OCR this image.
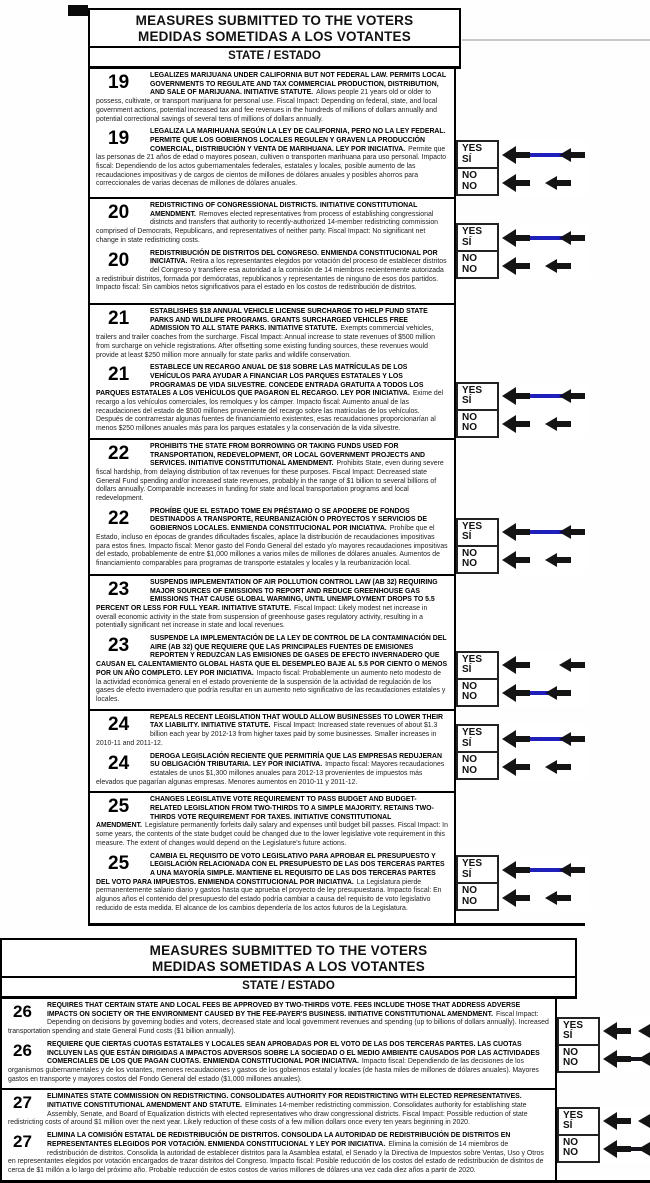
MEASURES SUBMITTED TO THE VOTERS
MEDIDAS SOMETIDAS A LOS VOTANTES
STATE / ESTADO

19	LEGALIZES MARIJUANA UNDER CALIFORNIA BUT NOT FEDERAL LAW. PERMITS LOCAL GOVERNMENTS TO REGULATE AND TAX COMMERCIAL PRODUCTION, DISTRIBUTION, AND SALE OF MARIJUANA. INITIATIVE STATUTE. Allows people 21 years old or older to possess, cultivate, or transport marijuana for personal use. Fiscal Impact: Depending on federal, state, and local government actions, potential increased tax and fee revenues in the hundreds of millions of dollars annually and potential correctional savings of several tens of millions of dollars annually.

19	LEGALIZA LA MARIHUANA SEGÚN LA LEY DE CALIFORNIA, PERO NO LA LEY FEDERAL. PERMITE QUE LOS GOBIERNOS LOCALES REGULEN Y GRAVEN LA PRODUCCIÓN COMERCIAL, DISTRIBUCIÓN Y VENTA DE MARIHUANA. LEY POR INICIATIVA. Permite que las personas de 21 años de edad o mayores posean, cultiven o transporten marihuana para uso personal. Impacto fiscal: Dependiendo de los actos gubernamentales federales, estatales y locales, posible aumento de las recaudaciones impositivas y de cargos de cientos de millones de dólares anuales y posibles ahorros para correccionales de varias decenas de millones de dólares anuales.

YES
SÍ
NO
NO

20	REDISTRICTING OF CONGRESSIONAL DISTRICTS. INITIATIVE CONSTITUTIONAL AMENDMENT. Removes elected representatives from process of establishing congressional districts and transfers that authority to recently-authorized 14-member redistricting commission comprised of Democrats, Republicans, and representatives of neither party. Fiscal Impact: No significant net change in state redistricting costs.

20	REDISTRIBUCIÓN DE DISTRITOS DEL CONGRESO. ENMIENDA CONSTITUCIONAL POR INICIATIVA. Retira a los representantes elegidos por votación del proceso de establecer distritos del Congreso y transfiere esa autoridad a la comisión de 14 miembros recientemente autorizada a redistribuir distritos, formada por demócratas, republicanos y representantes de ninguno de esos dos partidos. Impacto fiscal: Sin cambios netos significativos para el estado en los costos de redistribución de distritos.

YES
SÍ
NO
NO

21	ESTABLISHES $18 ANNUAL VEHICLE LICENSE SURCHARGE TO HELP FUND STATE PARKS AND WILDLIFE PROGRAMS. GRANTS SURCHARGED VEHICLES FREE ADMISSION TO ALL STATE PARKS. INITIATIVE STATUTE. Exempts commercial vehicles, trailers and trailer coaches from the surcharge. Fiscal Impact: Annual increase to state revenues of $500 million from surcharge on vehicle registrations. After offsetting some existing funding sources, these revenues would provide at least $250 million more annually for state parks and wildlife conservation.

21	ESTABLECE UN RECARGO ANUAL DE $18 SOBRE LAS MATRÍCULAS DE LOS VEHÍCULOS PARA AYUDAR A FINANCIAR LOS PARQUES ESTATALES Y LOS PROGRAMAS DE VIDA SILVESTRE. CONCEDE ENTRADA GRATUITA A TODOS LOS PARQUES ESTATALES A LOS VEHÍCULOS QUE PAGARON EL RECARGO. LEY POR INICIATIVA. Exime del recargo a los vehículos comerciales, los remolques y los cámper. Impacto fiscal: Aumento anual de las recaudaciones del estado de $500 millones proveniente del recargo sobre las matrículas de los vehículos. Después de contrarrestar algunas fuentes de financiamiento existentes, esas recaudaciones proporcionarían al menos $250 millones anuales más para los parques estatales y la conservación de la vida silvestre.

YES
SÍ
NO
NO

22	PROHIBITS THE STATE FROM BORROWING OR TAKING FUNDS USED FOR TRANSPORTATION, REDEVELOPMENT, OR LOCAL GOVERNMENT PROJECTS AND SERVICES. INITIATIVE CONSTITUTIONAL AMENDMENT. Prohibits State, even during severe fiscal hardship, from delaying distribution of tax revenues for these purposes. Fiscal Impact: Decreased state General Fund spending and/or increased state revenues, probably in the range of $1 billion to several billions of dollars annually. Comparable increases in funding for state and local transportation programs and local redevelopment.

22	PROHÍBE QUE EL ESTADO TOME EN PRÉSTAMO O SE APODERE DE FONDOS DESTINADOS A TRANSPORTE, REURBANIZACIÓN O PROYECTOS Y SERVICIOS DE GOBIERNOS LOCALES. ENMIENDA CONSTITUCIONAL POR INICIATIVA. Prohíbe que el Estado, incluso en épocas de grandes dificultades fiscales, aplace la distribución de recaudaciones impositivas para estos fines. Impacto fiscal: Menor gasto del Fondo General del estado y/o mayores recaudaciones impositivas del estado, probablemente de entre $1,000 millones a varios miles de millones de dólares anuales. Aumentos de financiamiento comparables para programas de transporte estatales y locales y la reurbanización local.

YES
SÍ
NO
NO

23	SUSPENDS IMPLEMENTATION OF AIR POLLUTION CONTROL LAW (AB 32) REQUIRING MAJOR SOURCES OF EMISSIONS TO REPORT AND REDUCE GREENHOUSE GAS EMISSIONS THAT CAUSE GLOBAL WARMING, UNTIL UNEMPLOYMENT DROPS TO 5.5 PERCENT OR LESS FOR FULL YEAR. INITIATIVE STATUTE. Fiscal Impact: Likely modest net increase in overall economic activity in the state from suspension of greenhouse gases regulatory activity, resulting in a potentially significant net increase in state and local revenues.

23	SUSPENDE LA IMPLEMENTACIÓN DE LA LEY DE CONTROL DE LA CONTAMINACIÓN DEL AIRE (AB 32) QUE REQUIERE QUE LAS PRINCIPALES FUENTES DE EMISIONES REPORTEN Y REDUZCAN LAS EMISIONES DE GASES DE EFECTO INVERNADERO QUE CAUSAN EL CALENTAMIENTO GLOBAL HASTA QUE EL DESEMPLEO BAJE AL 5.5 POR CIENTO O MENOS POR UN AÑO COMPLETO. LEY POR INICIATIVA. Impacto fiscal: Probablemente un aumento neto modesto de la actividad económica general en el estado proveniente de la suspensión de la actividad de regulación de los gases de efecto invernadero que podría resultar en un aumento neto significativo de las recaudaciones estatales y locales.

YES
SÍ
NO
NO

24	REPEALS RECENT LEGISLATION THAT WOULD ALLOW BUSINESSES TO LOWER THEIR TAX LIABILITY. INITIATIVE STATUTE. Fiscal Impact: Increased state revenues of about $1.3 billion each year by 2012-13 from higher taxes paid by some businesses. Smaller increases in 2010-11 and 2011-12.

24	DEROGA LEGISLACIÓN RECIENTE QUE PERMITIRÍA QUE LAS EMPRESAS REDUJERAN SU OBLIGACIÓN TRIBUTARIA. LEY POR INICIATIVA. Impacto fiscal: Mayores recaudaciones estatales de unos $1,300 millones anuales para 2012-13 provenientes de impuestos más elevados que pagarían algunas empresas. Menores aumentos en 2010-11 y 2011-12.

YES
SÍ
NO
NO

25	CHANGES LEGISLATIVE VOTE REQUIREMENT TO PASS BUDGET AND BUDGET-RELATED LEGISLATION FROM TWO-THIRDS TO A SIMPLE MAJORITY. RETAINS TWO-THIRDS VOTE REQUIREMENT FOR TAXES. INITIATIVE CONSTITUTIONAL AMENDMENT. Legislature permanently forfeits daily salary and expenses until budget bill passes. Fiscal Impact: In some years, the contents of the state budget could be changed due to the lower legislative vote requirement in this measure. The extent of changes would depend on the Legislature's future actions.

25	CAMBIA EL REQUISITO DE VOTO LEGISLATIVO PARA APROBAR EL PRESUPUESTO Y LEGISLACIÓN RELACIONADA CON EL PRESUPUESTO DE LAS DOS TERCERAS PARTES A UNA MAYORÍA SIMPLE. MANTIENE EL REQUISITO DE LAS DOS TERCERAS PARTES DEL VOTO PARA IMPUESTOS. ENMIENDA CONSTITUCIONAL POR INICIATIVA. La Legislatura pierde permanentemente salario diario y gastos hasta que aprueba el proyecto de ley presupuestaria. Impacto fiscal: En algunos años el contenido del presupuesto del estado podría cambiar a causa del requisito de voto legislativo reducido de esta medida. El alcance de los cambios dependería de los actos futuros de la Legislatura.

YES
SÍ
NO
NO
MEASURES SUBMITTED TO THE VOTERS
MEDIDAS SOMETIDAS A LOS VOTANTES
STATE / ESTADO

26	REQUIRES THAT CERTAIN STATE AND LOCAL FEES BE APPROVED BY TWO-THIRDS VOTE. FEES INCLUDE THOSE THAT ADDRESS ADVERSE IMPACTS ON SOCIETY OR THE ENVIRONMENT CAUSED BY THE FEE-PAYER'S BUSINESS. INITIATIVE CONSTITUTIONAL AMENDMENT. Fiscal Impact: Depending on decisions by governing bodies and voters, decreased state and local government revenues and spending (up to billions of dollars annually). Increased transportation spending and state General Fund costs ($1 billion annually).

26	REQUIERE QUE CIERTAS CUOTAS ESTATALES Y LOCALES SEAN APROBADAS POR EL VOTO DE LAS DOS TERCERAS PARTES. LAS CUOTAS INCLUYEN LAS QUE ESTÁN DIRIGIDAS A IMPACTOS ADVERSOS SOBRE LA SOCIEDAD O EL MEDIO AMBIENTE CAUSADOS POR LAS ACTIVIDADES COMERCIALES DE LOS QUE PAGAN CUOTAS. ENMIENDA CONSTITUCIONAL POR INICIATIVA. Impacto fiscal: Dependiendo de las decisiones de los organismos gubernamentales y de los votantes, menores recaudaciones y gastos de los gobiernos estatal y locales (de hasta miles de millones de dólares anuales). Mayores gastos en transporte y mayores costos del Fondo General del estado ($1,000 millones anuales).

YES
SÍ
NO
NO

27	ELIMINATES STATE COMMISSION ON REDISTRICTING. CONSOLIDATES AUTHORITY FOR REDISTRICTING WITH ELECTED REPRESENTATIVES. INITIATIVE CONSTITUTIONAL AMENDMENT AND STATUTE. Eliminates 14-member redistricting commission. Consolidates authority for establishing state Assembly, Senate, and Board of Equalization districts with elected representatives who draw congressional districts. Fiscal Impact: Possible reduction of state redistricting costs of around $1 million over the next year. Likely reduction of these costs of a few million dollars once every ten years beginning in 2020.

27	ELIMINA LA COMISIÓN ESTATAL DE REDISTRIBUCIÓN DE DISTRITOS. CONSOLIDA LA AUTORIDAD DE REDISTRIBUCIÓN DE DISTRITOS EN REPRESENTANTES ELEGIDOS POR VOTACIÓN. ENMIENDA CONSTITUCIONAL Y LEY POR INICIATIVA. Elimina la comisión de 14 miembros de redistribución de distritos. Consolida la autoridad de establecer distritos para la Asamblea estatal, el Senado y la Directiva de Impuestos sobre Ventas, Uso y Otros en representantes elegidos por votación encargados de trazar distritos del Congreso. Impacto fiscal: Posible reducción de los costos del estado de redistribución de distritos de cerca de $1 millón a lo largo del próximo año. Probable reducción de estos costos de varios millones de dólares una vez cada diez años a partir de 2020.

YES
SÍ
NO
NO
